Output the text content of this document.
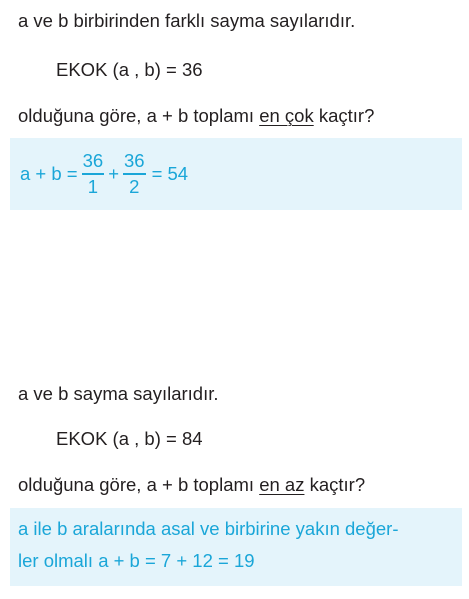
a ve b birbirinden farklı sayma sayılarıdır.
EKOK (a , b) = 36
olduğuna göre, a + b toplamı en çok kaçtır?
$a + b = \frac{36}{1} + \frac{36}{2} = 54$
a ve b sayma sayılarıdır.
EKOK (a , b) = 84
olduğuna göre, a + b toplamı en az kaçtır?
a ile b aralarında asal ve birbirine yakın değer-
ler olmalı a + b = 7 + 12 = 19
